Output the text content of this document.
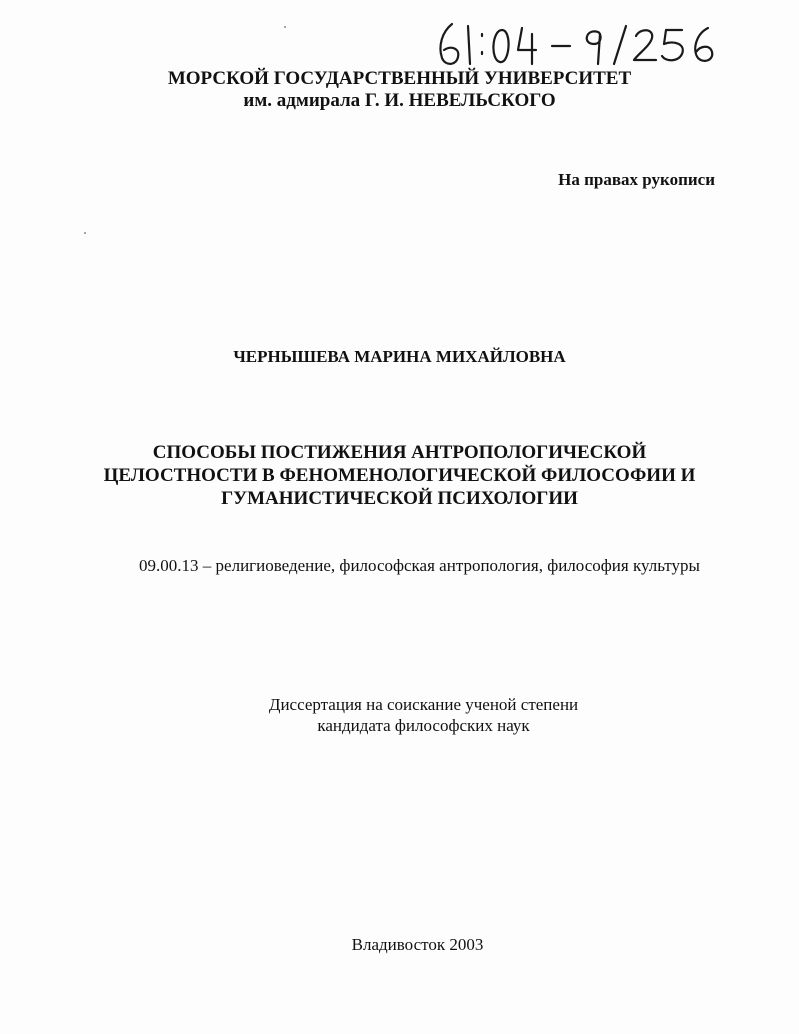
МОРСКОЙ ГОСУДАРСТВЕННЫЙ УНИВЕРСИТЕТ
им. адмирала Г. И. НЕВЕЛЬСКОГО
На правах рукописи
ЧЕРНЫШЕВА МАРИНА МИХАЙЛОВНА
СПОСОБЫ ПОСТИЖЕНИЯ АНТРОПОЛОГИЧЕСКОЙ
ЦЕЛОСТНОСТИ В ФЕНОМЕНОЛОГИЧЕСКОЙ ФИЛОСОФИИ И
ГУМАНИСТИЧЕСКОЙ ПСИХОЛОГИИ
09.00.13 – религиоведение, философская антропология, философия культуры
Диссертация на соискание ученой степени
кандидата философских наук
Владивосток 2003
